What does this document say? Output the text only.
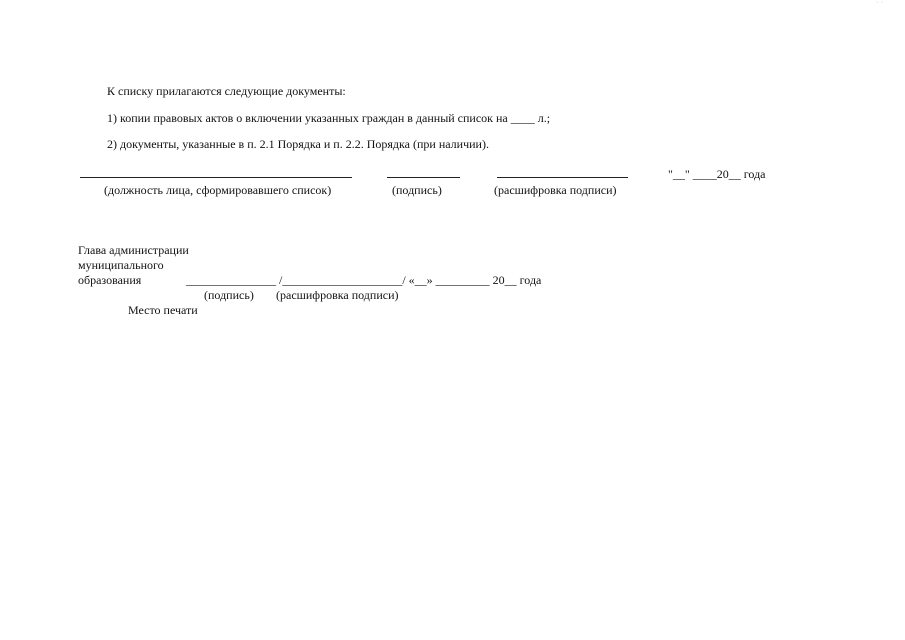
· ·
К списку прилагаются следующие документы:
1) копии правовых актов о включении указанных граждан в данный список на ____ л.;
2) документы, указанные в п. 2.1 Порядка и п. 2.2. Порядка (при наличии).
"__" ____20__ года
(должность лица, сформировавшего список)	(подпись)	(расшифровка подписи)
Глава администрации
муниципального
образования	_______________ /____________________/ «__» _________ 20__ года
(подпись) (расшифровка подписи)
Место печати
